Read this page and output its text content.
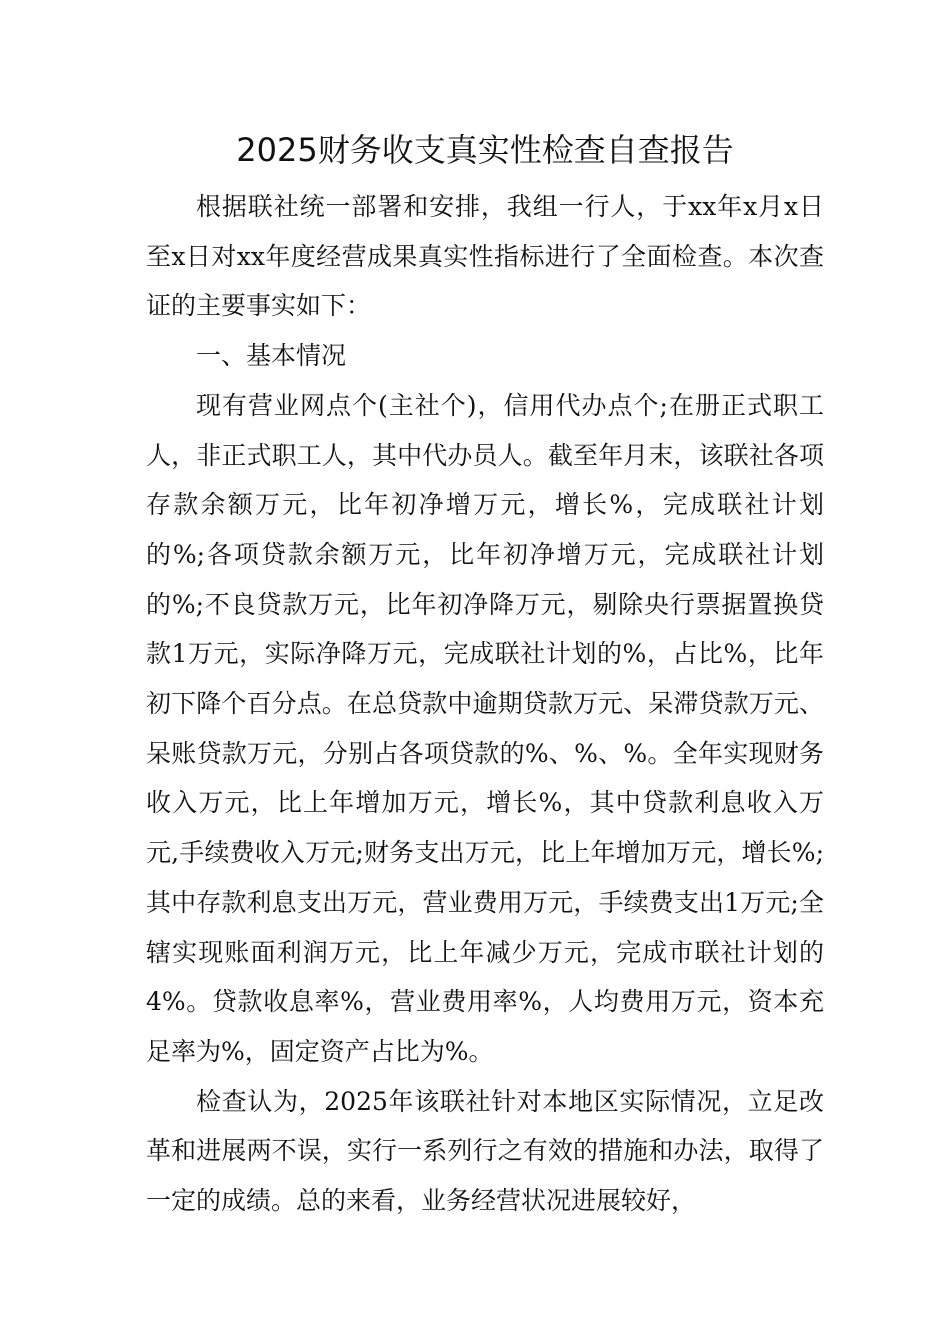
2025财务收支真实性检查自查报告

根据联社统一部署和安排，我组一行人，于xx年x月x日至x日对xx年度经营成果真实性指标进行了全面检查。本次查证的主要事实如下：

一、基本情况

现有营业网点个(主社个)，信用代办点个;在册正式职工人，非正式职工人，其中代办员人。截至年月末，该联社各项存款余额万元，比年初净增万元，增长%，完成联社计划的%;各项贷款余额万元，比年初净增万元，完成联社计划的%;不良贷款万元，比年初净降万元，剔除央行票据置换贷款1万元，实际净降万元，完成联社计划的%，占比%，比年初下降个百分点。在总贷款中逾期贷款万元、呆滞贷款万元、呆账贷款万元，分别占各项贷款的%、%、%。全年实现财务收入万元，比上年增加万元，增长%，其中贷款利息收入万元,手续费收入万元;财务支出万元，比上年增加万元，增长%;其中存款利息支出万元，营业费用万元，手续费支出1万元;全辖实现账面利润万元，比上年减少万元，完成市联社计划的4%。贷款收息率%，营业费用率%，人均费用万元，资本充足率为%，固定资产占比为%。

检查认为，2025年该联社针对本地区实际情况，立足改革和进展两不误，实行一系列行之有效的措施和办法，取得了一定的成绩。总的来看，业务经营状况进展较好，
